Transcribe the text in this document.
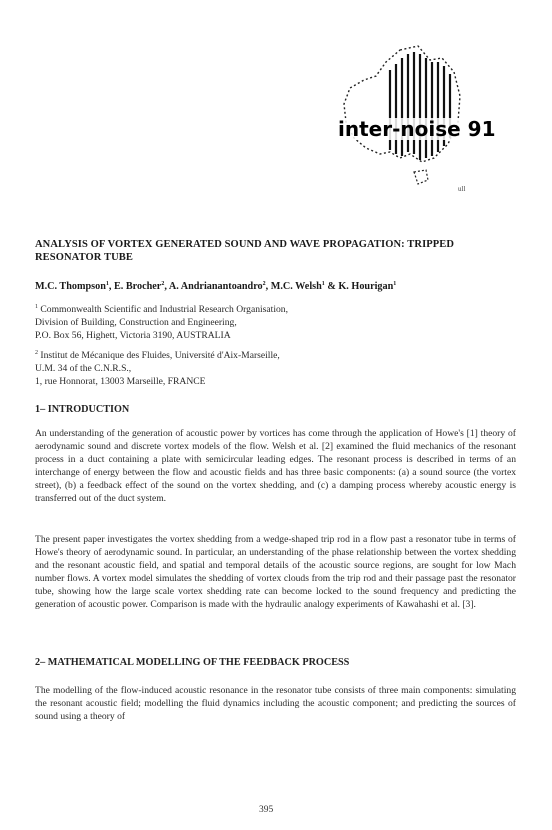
inter-noise 91
ull
ANALYSIS OF VORTEX GENERATED SOUND AND WAVE PROPAGATION: TRIPPED RESONATOR TUBE
M.C. Thompson$^1$, E. Brocher$^2$, A. Andrianantoandro$^2$, M.C. Welsh$^1$ & K. Hourigan$^1$
$^1$ Commonwealth Scientific and Industrial Research Organisation,
Division of Building, Construction and Engineering,
P.O. Box 56, Highett, Victoria 3190, AUSTRALIA
$^2$ Institut de Mécanique des Fluides, Université d'Aix-Marseille,
U.M. 34 of the C.N.R.S.,
1, rue Honnorat, 13003 Marseille, FRANCE
1– INTRODUCTION
An understanding of the generation of acoustic power by vortices has come through the application of Howe's [1] theory of aerodynamic sound and discrete vortex models of the flow. Welsh et al. [2] examined the fluid mechanics of the resonant process in a duct containing a plate with semicircular leading edges. The resonant process is described in terms of an interchange of energy between the flow and acoustic fields and has three basic components: (a) a sound source (the vortex street), (b) a feedback effect of the sound on the vortex shedding, and (c) a damping process whereby acoustic energy is transferred out of the duct system.
The present paper investigates the vortex shedding from a wedge-shaped trip rod in a flow past a resonator tube in terms of Howe's theory of aerodynamic sound. In particular, an understanding of the phase relationship between the vortex shedding and the resonant acoustic field, and spatial and temporal details of the acoustic source regions, are sought for low Mach number flows. A vortex model simulates the shedding of vortex clouds from the trip rod and their passage past the resonator tube, showing how the large scale vortex shedding rate can become locked to the sound frequency and predicting the generation of acoustic power. Comparison is made with the hydraulic analogy experiments of Kawahashi et al. [3].
2– MATHEMATICAL MODELLING OF THE FEEDBACK PROCESS
The modelling of the flow-induced acoustic resonance in the resonator tube consists of three main components: simulating the resonant acoustic field; modelling the fluid dynamics including the acoustic component; and predicting the sources of sound using a theory of
395
